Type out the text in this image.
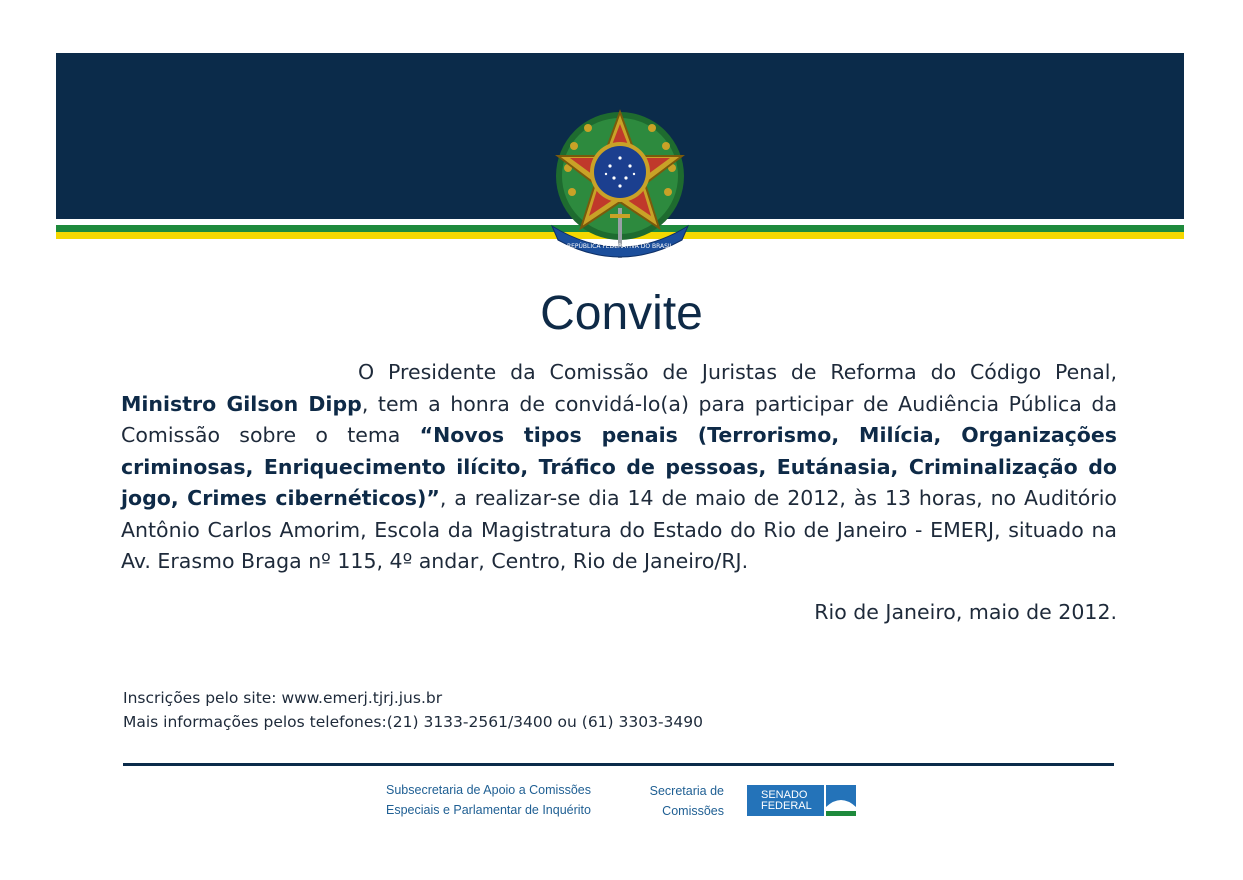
REPÚBLICA FEDERATIVA DO BRASIL
Convite
O Presidente da Comissão de Juristas de Reforma do Código Penal, Ministro Gilson Dipp, tem a honra de convidá-lo(a) para participar de Audiência Pública da Comissão sobre o tema “Novos tipos penais (Terrorismo, Milícia, Organizações criminosas, Enriquecimento ilícito, Tráfico de pessoas, Eutánasia, Criminalização do jogo, Crimes cibernéticos)”, a realizar-se dia 14 de maio de 2012, às 13 horas, no Auditório Antônio Carlos Amorim, Escola da Magistratura do Estado do Rio de Janeiro - EMERJ, situado na Av. Erasmo Braga nº 115, 4º andar, Centro, Rio de Janeiro/RJ.
Rio de Janeiro, maio de 2012.
Inscrições pelo site: www.emerj.tjrj.jus.br
Mais informações pelos telefones:(21) 3133-2561/3400 ou (61) 3303-3490
Subsecretaria de Apoio a Comissões
Especiais e Parlamentar de Inquérito
Secretaria de
Comissões
SENADO
FEDERAL
